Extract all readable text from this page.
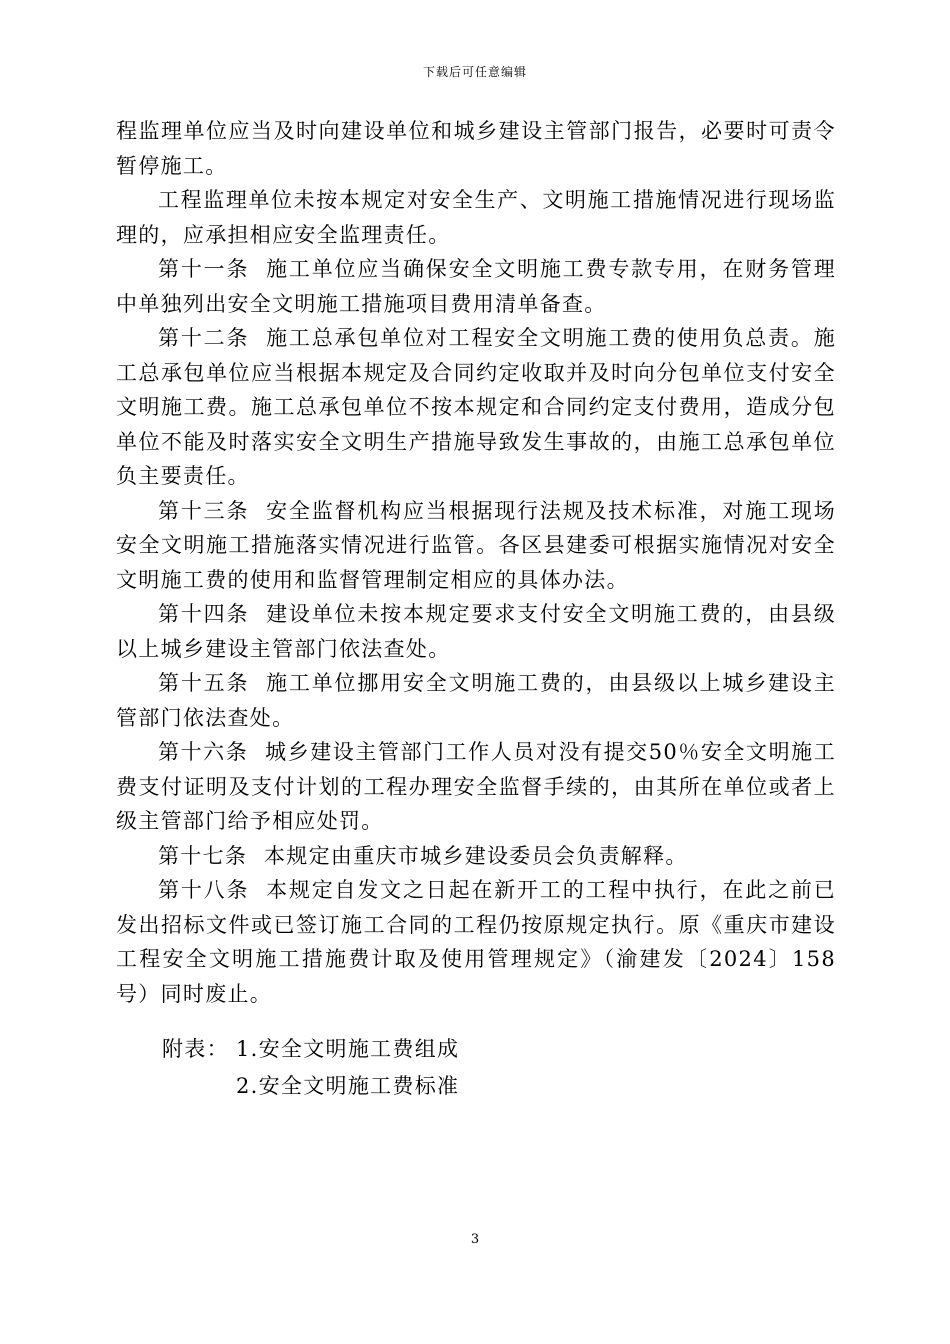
下载后可任意编辑

程监理单位应当及时向建设单位和城乡建设主管部门报告，必要时可责令暂停施工。

工程监理单位未按本规定对安全生产、文明施工措施情况进行现场监理的，应承担相应安全监理责任。

第十一条 施工单位应当确保安全文明施工费专款专用，在财务管理中单独列出安全文明施工措施项目费用清单备查。

第十二条 施工总承包单位对工程安全文明施工费的使用负总责。施工总承包单位应当根据本规定及合同约定收取并及时向分包单位支付安全文明施工费。施工总承包单位不按本规定和合同约定支付费用，造成分包单位不能及时落实安全文明生产措施导致发生事故的，由施工总承包单位负主要责任。

第十三条 安全监督机构应当根据现行法规及技术标准，对施工现场安全文明施工措施落实情况进行监管。各区县建委可根据实施情况对安全文明施工费的使用和监督管理制定相应的具体办法。

第十四条 建设单位未按本规定要求支付安全文明施工费的，由县级以上城乡建设主管部门依法查处。

第十五条 施工单位挪用安全文明施工费的，由县级以上城乡建设主管部门依法查处。

第十六条 城乡建设主管部门工作人员对没有提交50％安全文明施工费支付证明及支付计划的工程办理安全监督手续的，由其所在单位或者上级主管部门给予相应处罚。

第十七条 本规定由重庆市城乡建设委员会负责解释。

第十八条 本规定自发文之日起在新开工的工程中执行，在此之前已发出招标文件或已签订施工合同的工程仍按原规定执行。原《重庆市建设工程安全文明施工措施费计取及使用管理规定》（渝建发〔2024〕158号）同时废止。

附表： 1.安全文明施工费组成
2.安全文明施工费标准
3
